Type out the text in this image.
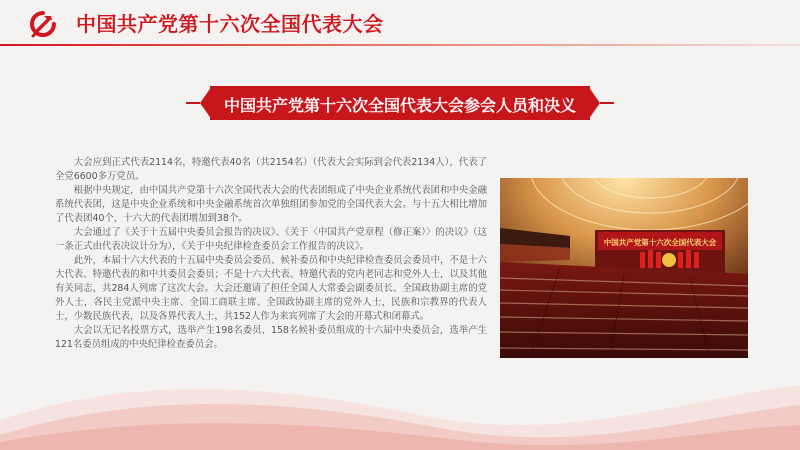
中国共产党第十六次全国代表大会
中国共产党第十六次全国代表大会参会人员和决义

大会应到正式代表2114名，特邀代表40名（共2154名）（代表大会实际到会代表2134人），代表了全党6600多万党员。

根据中央规定，由中国共产党第十六次全国代表大会的代表团组成了中央企业系统代表团和中央金融系统代表团，这是中央企业系统和中央金融系统首次单独组团参加党的全国代表大会。与十五大相比增加了代表团40个，十六大的代表团增加到38个。

大会通过了《关于十五届中央委员会报告的决议》、《关于〈中国共产党章程（修正案）〉的决议》（这一条正式由代表决议计分为），《关于中央纪律检查委员会工作报告的决议》。

此外，本届十六大代表的十五届中央委员会委员、候补委员和中央纪律检查委员会委员中，不是十六大代表、特邀代表的和中共委员会委员；不是十六大代表、特邀代表的党内老同志和党外人士，以及其他有关同志，共284人列席了这次大会。大会还邀请了担任全国人大常委会副委员长、全国政协副主席的党外人士，各民主党派中央主席、全国工商联主席、全国政协副主席的党外人士，民族和宗教界的代表人士，少数民族代表，以及各界代表人士，共152人作为来宾列席了大会的开幕式和闭幕式。

大会以无记名投票方式，选举产生198名委员、158名候补委员组成的十六届中央委员会，选举产生121名委员组成的中央纪律检查委员会。

中国共产党第十六次全国代表大会
